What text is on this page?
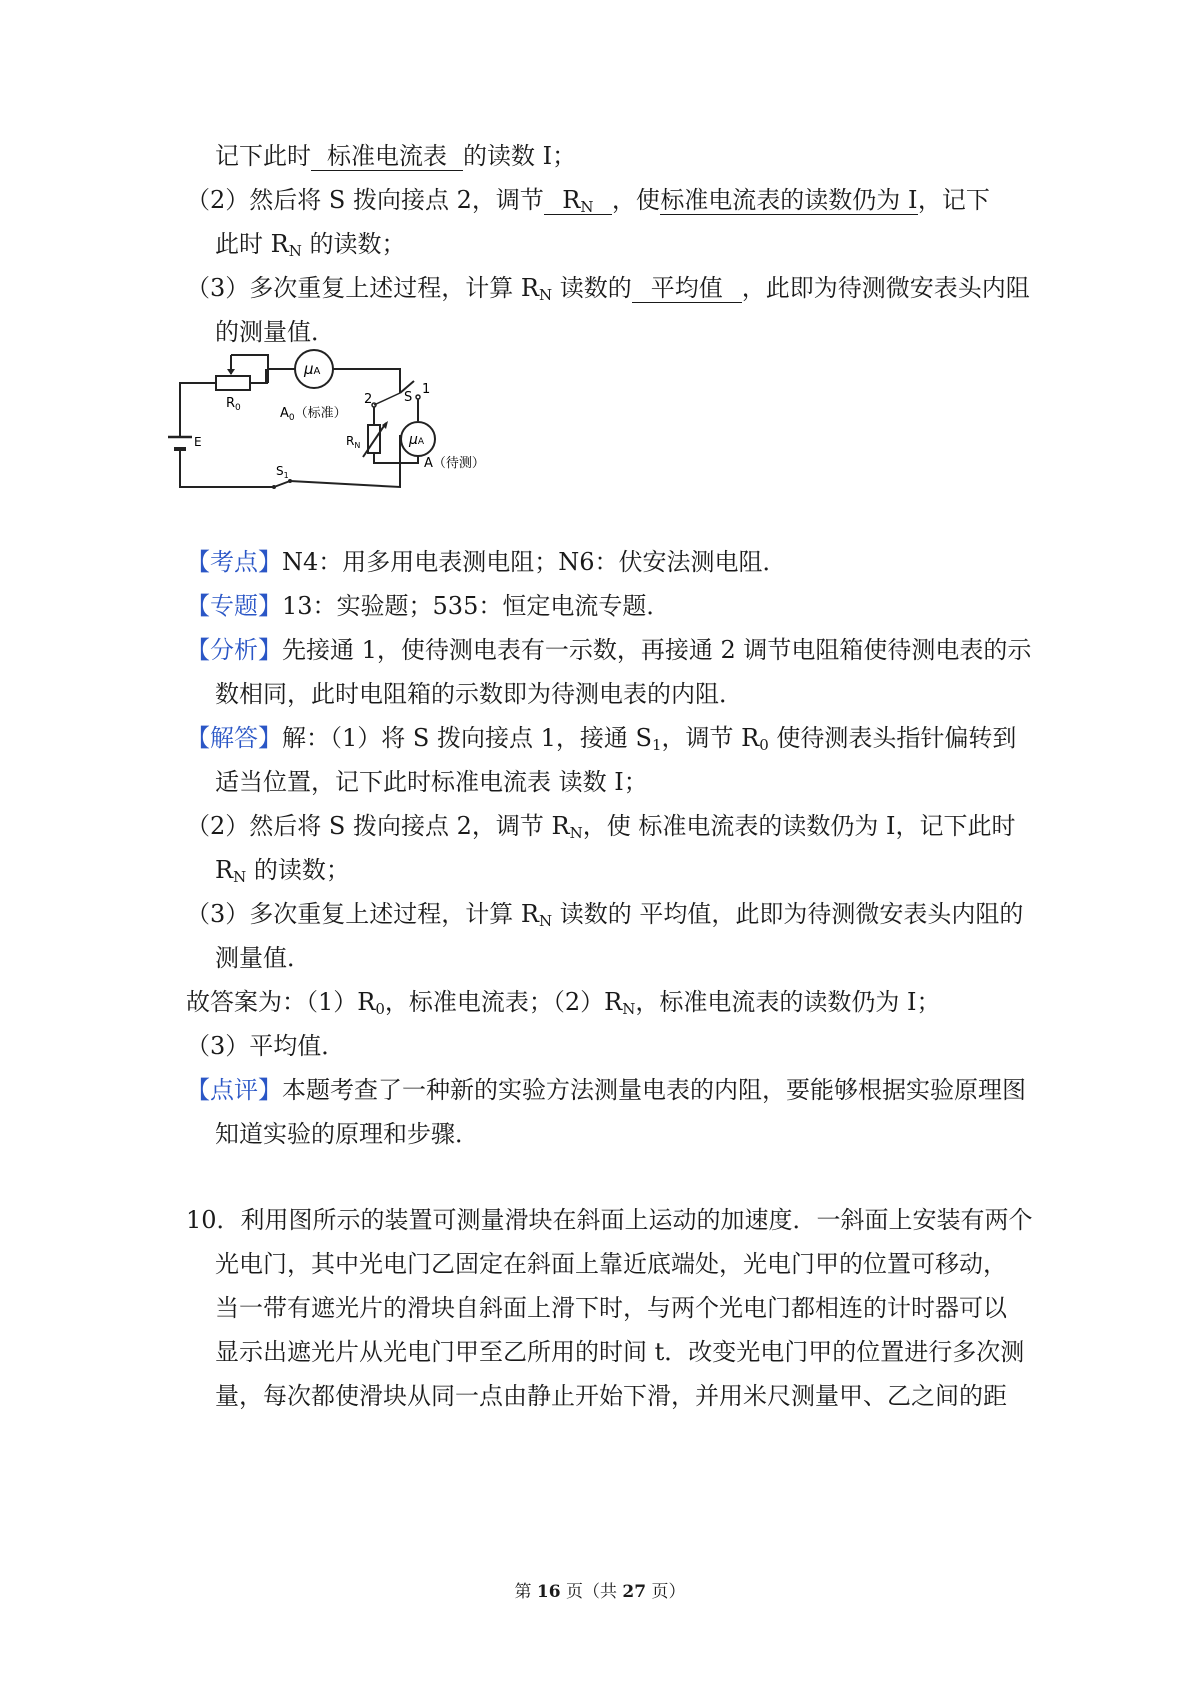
记下此时 标准电流表 的读数 I；
（2）然后将 S 拨向接点 2，调节 $R_N$ ，使标准电流表的读数仍为 I，记下
此时 $R_N$ 的读数；
（3）多次重复上述过程，计算 $R_N$ 读数的 平均值 ，此即为待测微安表头内阻
的测量值．
$R_0$
μA
$A_0$（标准）
S
2
1
$R_N$	μA
A（待测）
E
$S_1$
【考点】N4：用多用电表测电阻；N6：伏安法测电阻．
【专题】13：实验题；535：恒定电流专题．
【分析】先接通 1，使待测电表有一示数，再接通 2 调节电阻箱使待测电表的示
数相同，此时电阻箱的示数即为待测电表的内阻．
【解答】解：（1）将 S 拨向接点 1，接通 $S_1$，调节 $R_0$ 使待测表头指针偏转到
适当位置，记下此时标准电流表 读数 I；
（2）然后将 S 拨向接点 2，调节 $R_N$，使 标准电流表的读数仍为 I，记下此时
$R_N$ 的读数；
（3）多次重复上述过程，计算 $R_N$ 读数的 平均值，此即为待测微安表头内阻的
测量值．
故答案为：$(1)R_0$，标准电流表；$(2)R_N$，标准电流表的读数仍为 I；
（3）平均值．
【点评】本题考查了一种新的实验方法测量电表的内阻，要能够根据实验原理图
知道实验的原理和步骤．
10．利用图所示的装置可测量滑块在斜面上运动的加速度．一斜面上安装有两个
光电门，其中光电门乙固定在斜面上靠近底端处，光电门甲的位置可移动，
当一带有遮光片的滑块自斜面上滑下时，与两个光电门都相连的计时器可以
显示出遮光片从光电门甲至乙所用的时间 t．改变光电门甲的位置进行多次测
量，每次都使滑块从同一点由静止开始下滑，并用米尺测量甲、乙之间的距
第 16 页（共 27 页）
